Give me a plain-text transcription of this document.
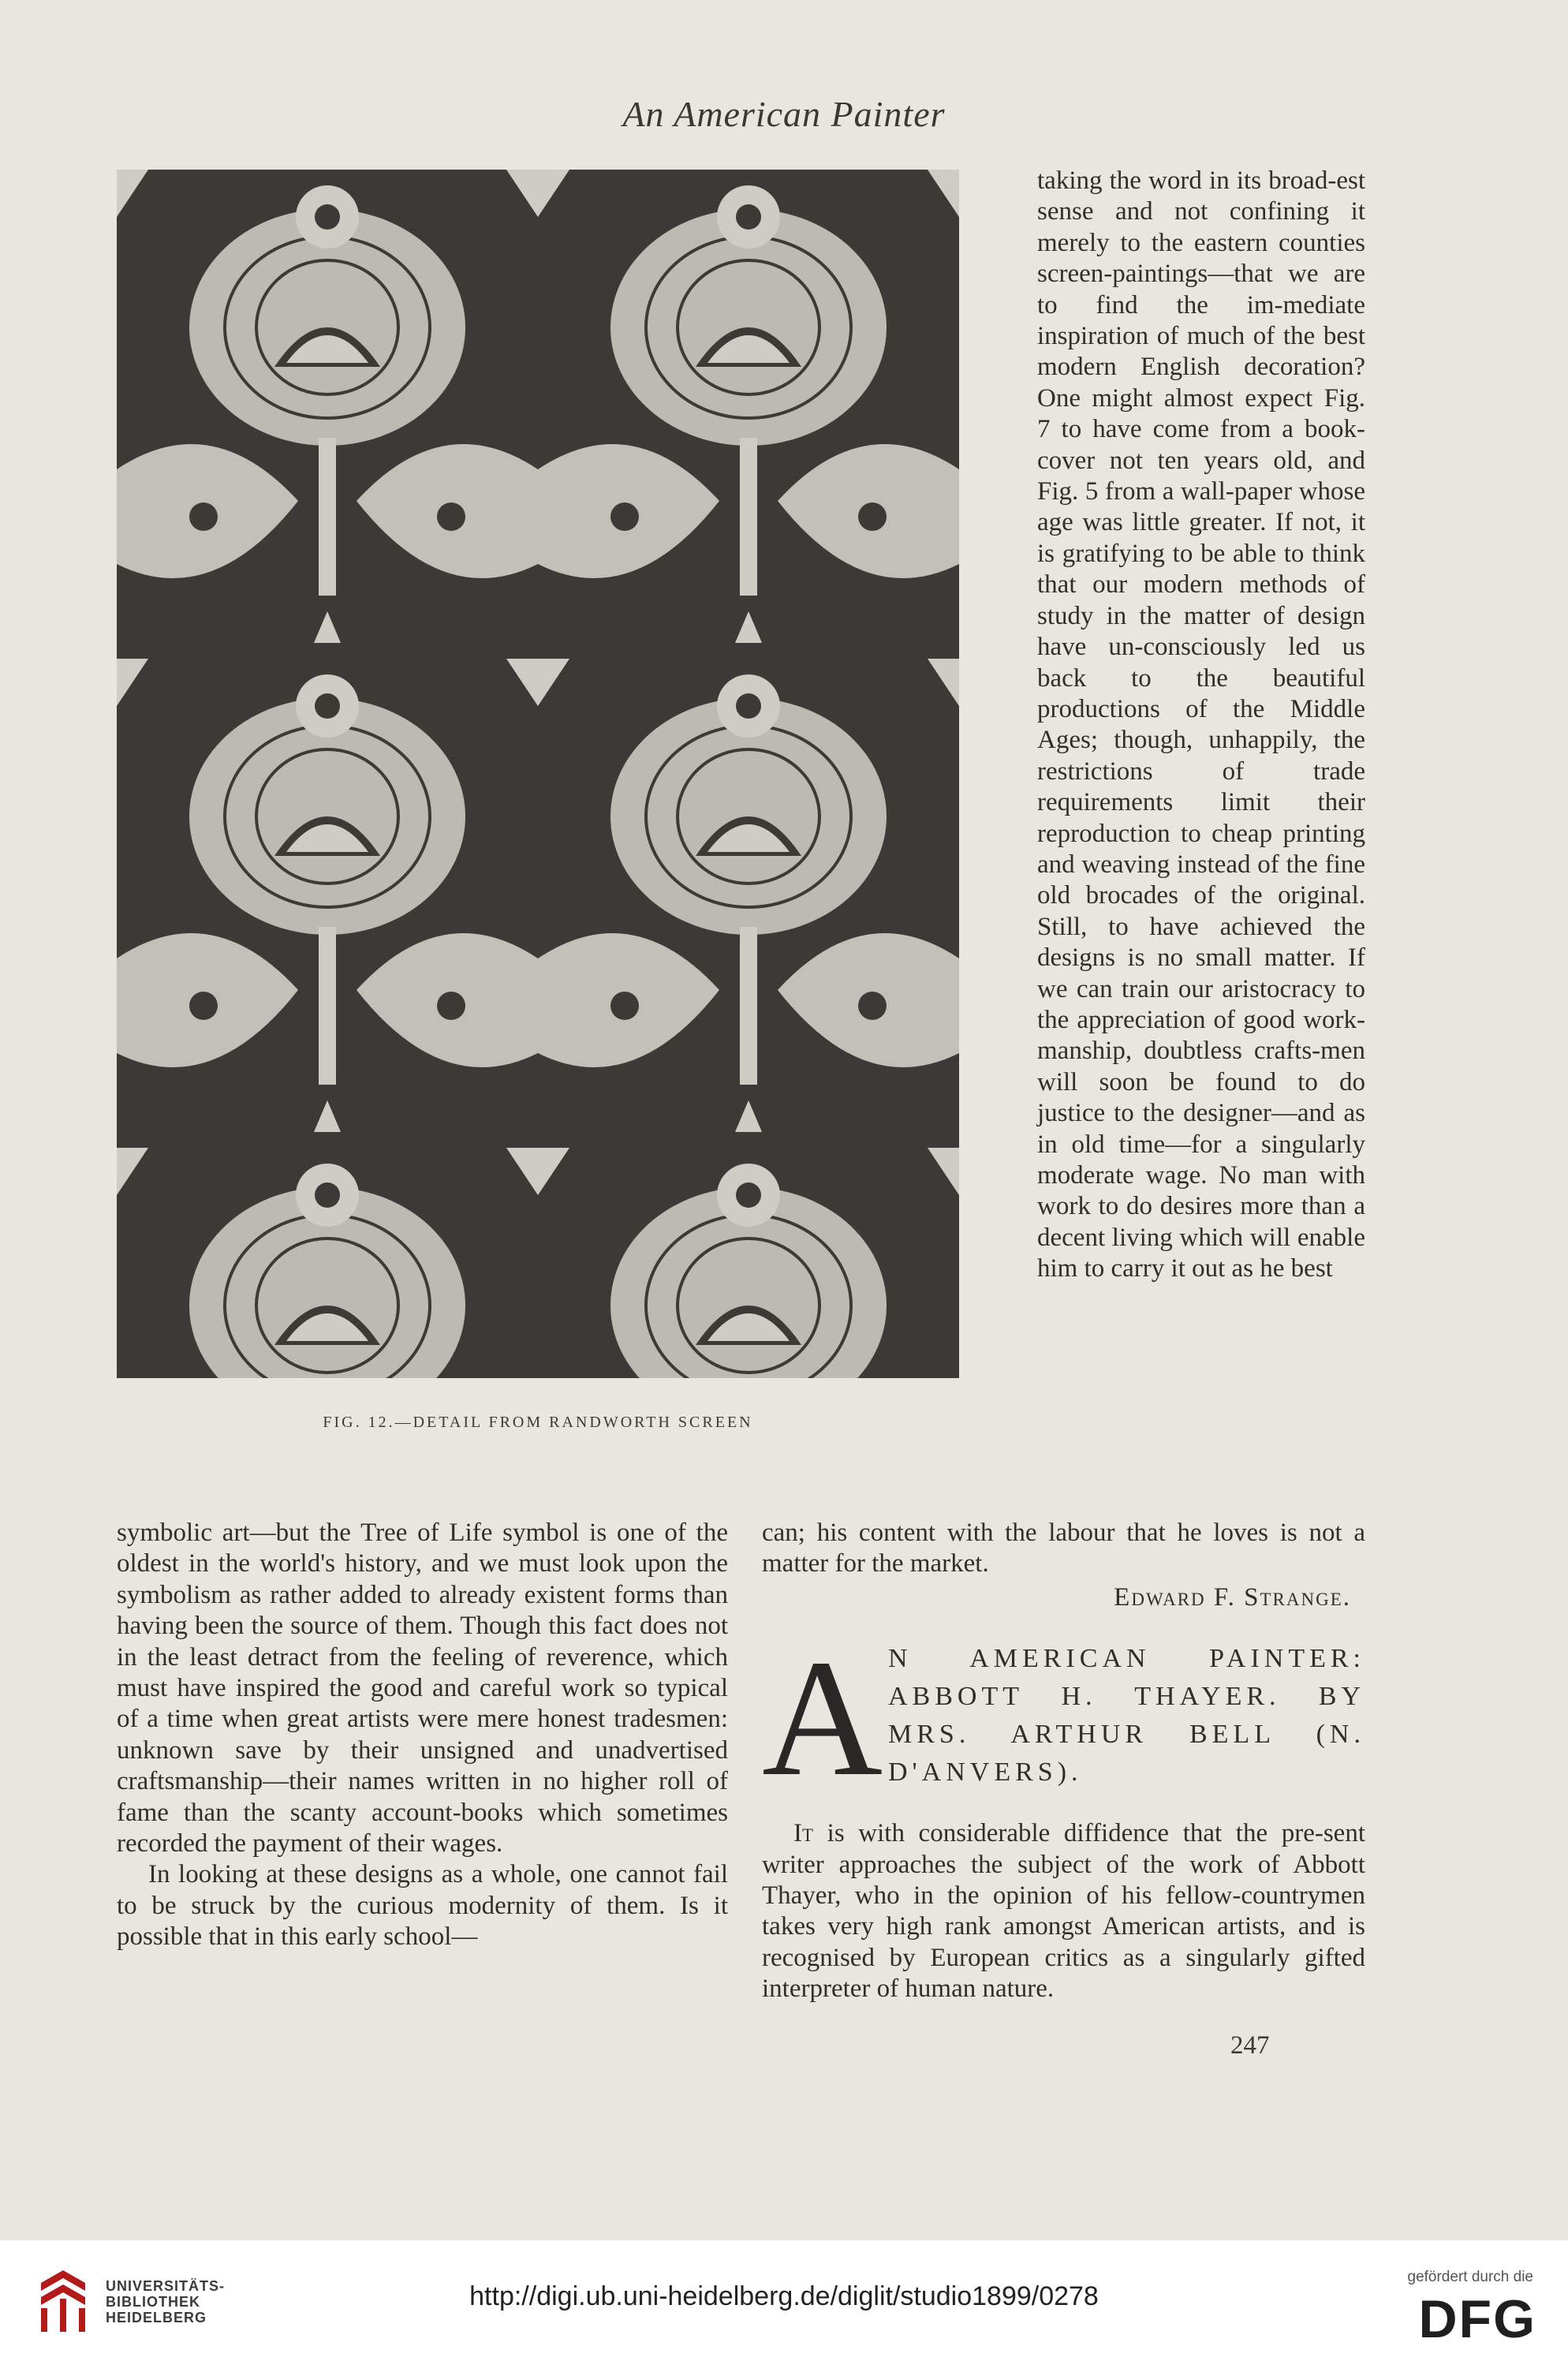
An American Painter
FIG. 12.—DETAIL FROM RANDWORTH SCREEN

taking the word in its broad-est sense and not confining it merely to the eastern counties screen-paintings—that we are to find the im-mediate inspiration of much of the best modern English decoration? One might almost expect Fig. 7 to have come from a book-cover not ten years old, and Fig. 5 from a wall-paper whose age was little greater. If not, it is gratifying to be able to think that our modern methods of study in the matter of design have un-consciously led us back to the beautiful productions of the Middle Ages; though, unhappily, the restrictions of trade requirements limit their reproduction to cheap printing and weaving instead of the fine old brocades of the original. Still, to have achieved the designs is no small matter. If we can train our aristocracy to the appreciation of good work-manship, doubtless crafts-men will soon be found to do justice to the designer—and as in old time—for a singularly moderate wage. No man with work to do desires more than a decent living which will enable him to carry it out as he best

symbolic art—but the Tree of Life symbol is one of the oldest in the world's history, and we must look upon the symbolism as rather added to already existent forms than having been the source of them. Though this fact does not in the least detract from the feeling of reverence, which must have inspired the good and careful work so typical of a time when great artists were mere honest tradesmen: unknown save by their unsigned and unadvertised craftsmanship—their names written in no higher roll of fame than the scanty account-books which sometimes recorded the payment of their wages.

In looking at these designs as a whole, one cannot fail to be struck by the curious modernity of them. Is it possible that in this early school—

can; his content with the labour that he loves is not a matter for the market.

Edward F. Strange.
A N AMERICAN PAINTER: ABBOTT H. THAYER. BY MRS. ARTHUR BELL (N. D'ANVERS).

It is with considerable diffidence that the pre-sent writer approaches the subject of the work of Abbott Thayer, who in the opinion of his fellow-countrymen takes very high rank amongst American artists, and is recognised by European critics as a singularly gifted interpreter of human nature.

247
UNIVERSITÄTS-
BIBLIOTHEK
HEIDELBERG
http://digi.ub.uni-heidelberg.de/diglit/studio1899/0278
gefördert durch die
DFG
